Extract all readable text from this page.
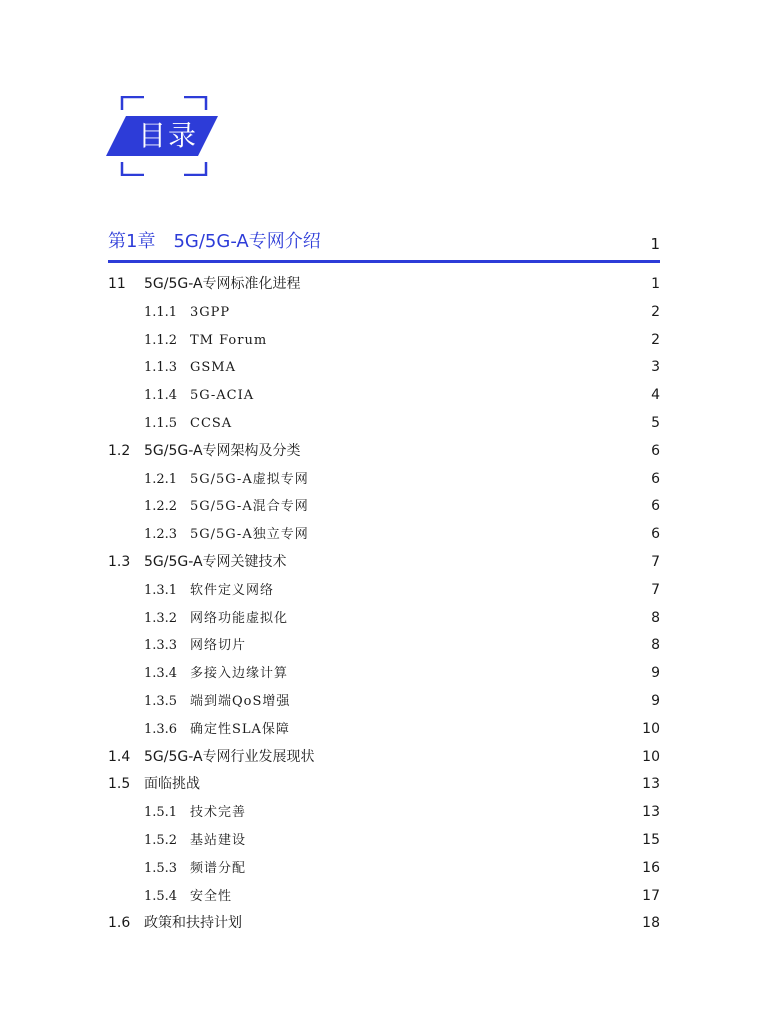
目录
第1章　5G/5G-A专网介绍	1
11 5G/5G-A专网标准化进程	1
1.1.1 3GPP	2
1.1.2 TM Forum	2
1.1.3 GSMA	3
1.1.4 5G-ACIA	4
1.1.5 CCSA	5
1.2 5G/5G-A专网架构及分类	6
1.2.1 5G/5G-A虚拟专网	6
1.2.2 5G/5G-A混合专网	6
1.2.3 5G/5G-A独立专网	6
1.3 5G/5G-A专网关键技术	7
1.3.1 软件定义网络	7
1.3.2 网络功能虚拟化	8
1.3.3 网络切片	8
1.3.4 多接入边缘计算	9
1.3.5 端到端QoS增强	9
1.3.6 确定性SLA保障	10
1.4 5G/5G-A专网行业发展现状	10
1.5 面临挑战	13
1.5.1 技术完善	13
1.5.2 基站建设	15
1.5.3 频谱分配	16
1.5.4 安全性	17
1.6 政策和扶持计划	18
